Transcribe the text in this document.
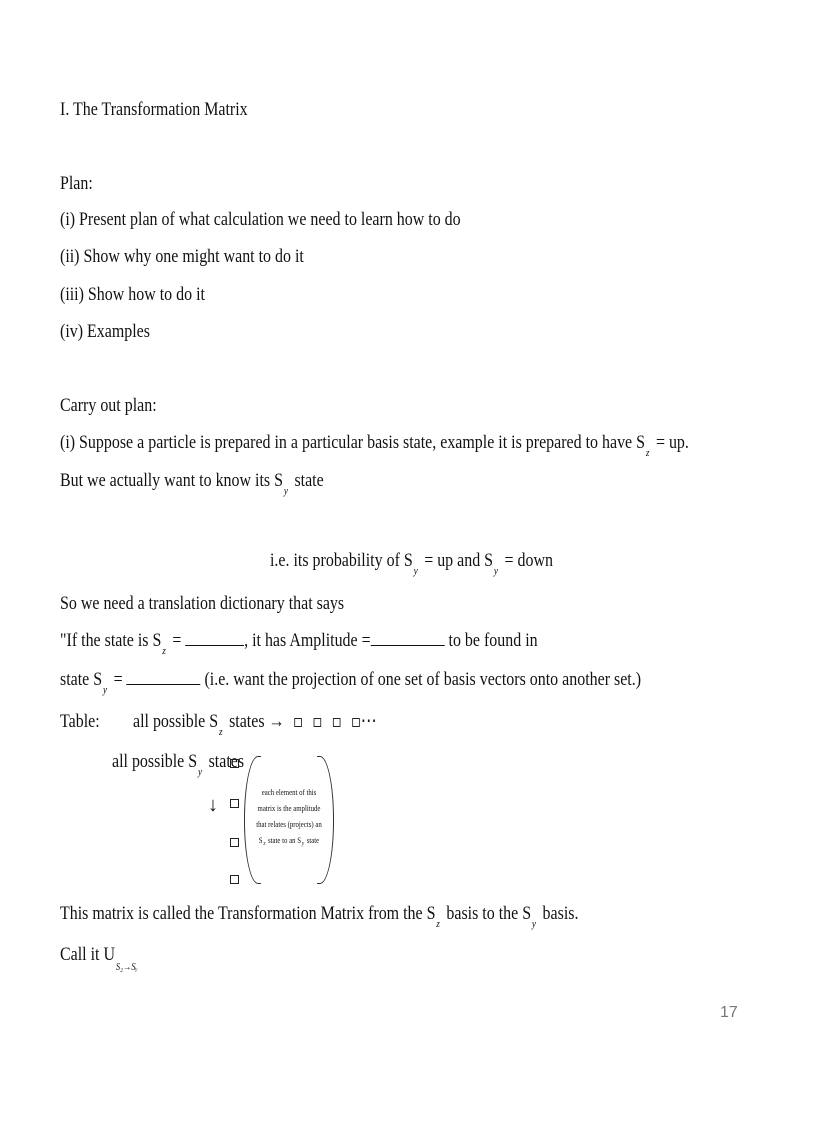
I. The Transformation Matrix
Plan:
(i) Present plan of what calculation we need to learn how to do
(ii) Show why one might want to do it
(iii) Show how to do it
(iv) Examples
Carry out plan:
(i) Suppose a particle is prepared in a particular basis state, example it is prepared to have $S_z$ = up.
But we actually want to know its $S_y$ state
i.e. its probability of $S_y$ = up and $S_y$ = down
So we need a translation dictionary that says
"If the state is $S_z$ =	, it has Amplitude =	to be found in
state $S_y$ =	(i.e. want the projection of one set of basis vectors onto another set.)
Table: all possible $S_z$ states →	⋯
all possible $S_y$ states
↓
each element of this
matrix is the amplitude
that relates (projects) an
$S_z$ state to an $S_y$ state
This matrix is called the Transformation Matrix from the $S_z$ basis to the $S_y$ basis.
Call it $U_{S_2\to Sᵧ}$
17
